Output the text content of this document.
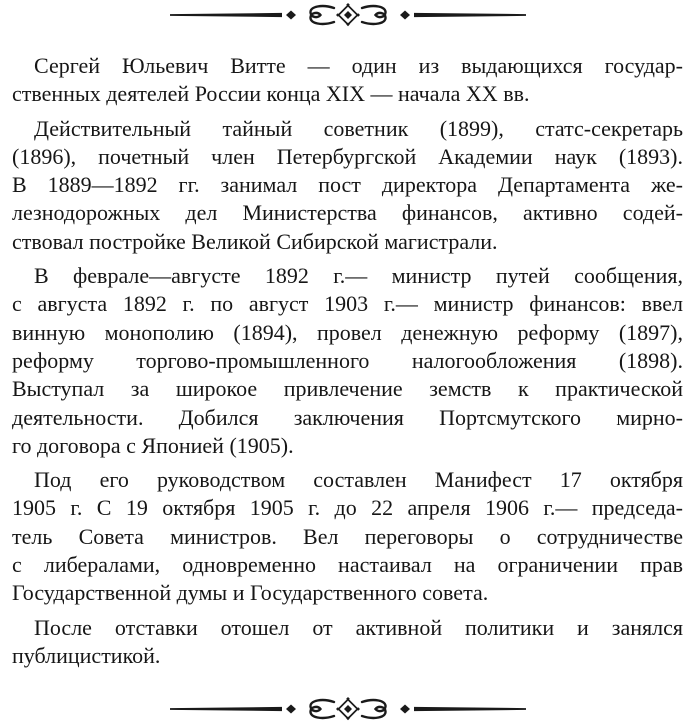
Сергей Юльевич Витте — один из выдающихся государ-
ственных деятелей России конца XIX — начала XX вв.
Действительный тайный советник (1899), статс-секретарь
(1896), почетный член Петербургской Академии наук (1893).
В 1889—1892 гг. занимал пост директора Департамента же-
лезнодорожных дел Министерства финансов, активно содей-
ствовал постройке Великой Сибирской магистрали.
В феврале—августе 1892 г.— министр путей сообщения,
с августа 1892 г. по август 1903 г.— министр финансов: ввел
винную монополию (1894), провел денежную реформу (1897),
реформу торгово-промышленного налогообложения (1898).
Выступал за широкое привлечение земств к практической
деятельности. Добился заключения Портсмутского мирно-
го договора с Японией (1905).
Под его руководством составлен Манифест 17 октября
1905 г. С 19 октября 1905 г. до 22 апреля 1906 г.— председа-
тель Совета министров. Вел переговоры о сотрудничестве
с либералами, одновременно настаивал на ограничении прав
Государственной думы и Государственного совета.
После отставки отошел от активной политики и занялся
публицистикой.
